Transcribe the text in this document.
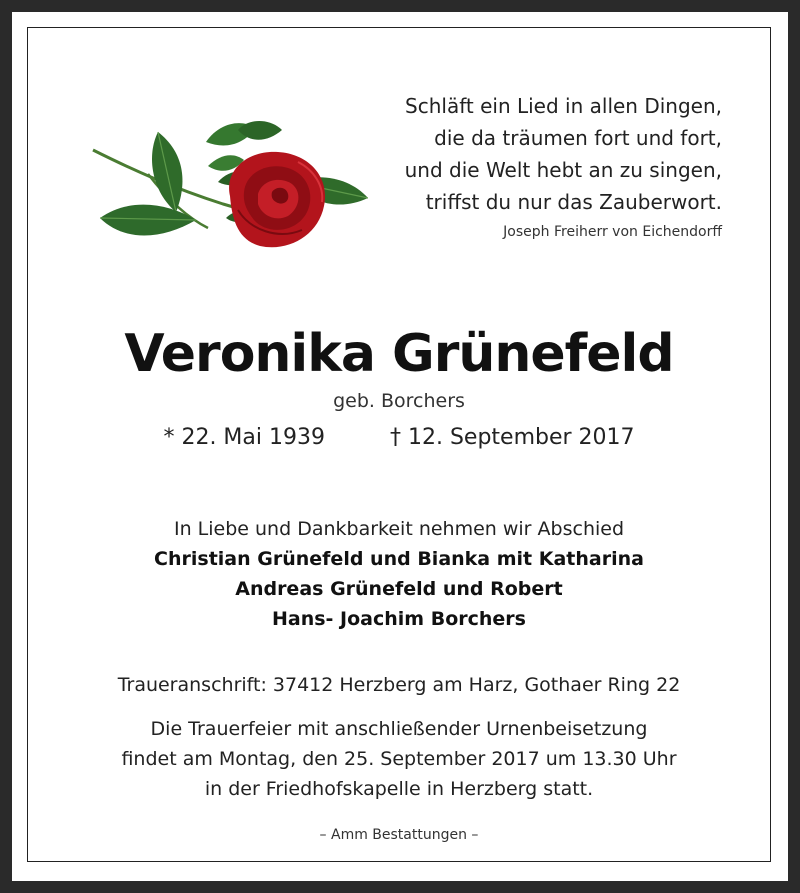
Schläft ein Lied in allen Dingen,
die da träumen fort und fort,
und die Welt hebt an zu singen,
triffst du nur das Zauberwort.
Joseph Freiherr von Eichendorff
Veronika Grünefeld
geb. Borchers
* 22. Mai 1939	† 12. September 2017
In Liebe und Dankbarkeit nehmen wir Abschied
Christian Grünefeld und Bianka mit Katharina
Andreas Grünefeld und Robert
Hans- Joachim Borchers
Traueranschrift: 37412 Herzberg am Harz, Gothaer Ring 22
Die Trauerfeier mit anschließender Urnenbeisetzung
findet am Montag, den 25. September 2017 um 13.30 Uhr
in der Friedhofskapelle in Herzberg statt.
– Amm Bestattungen –
